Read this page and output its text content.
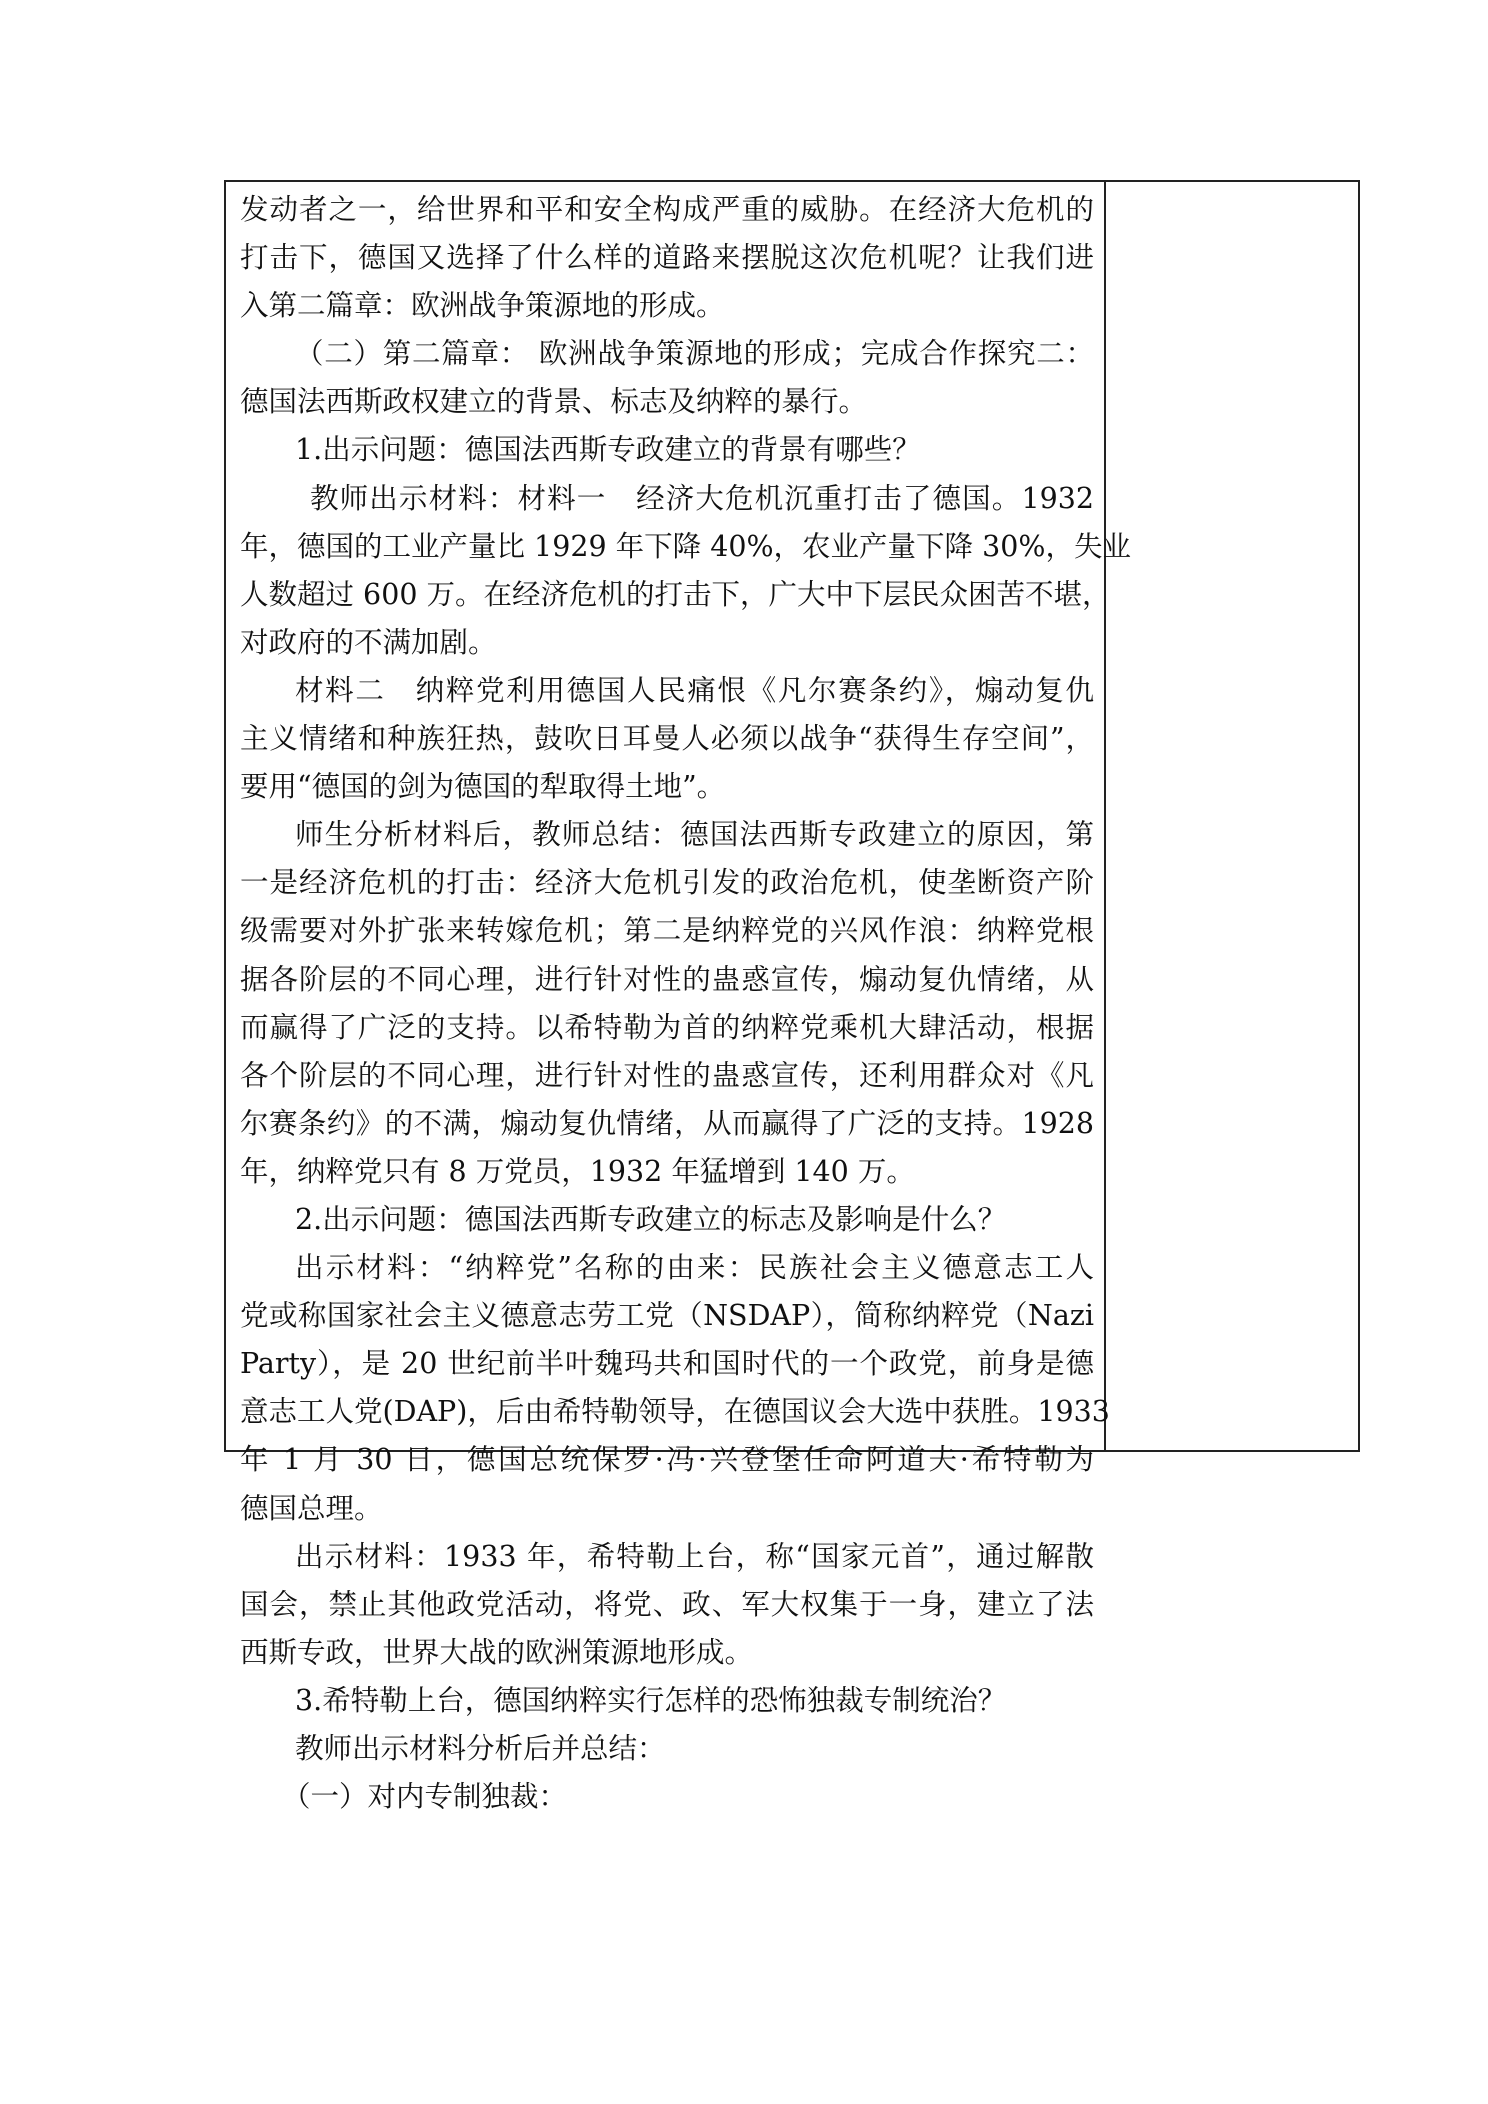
发动者之一，给世界和平和安全构成严重的威胁。在经济大危机的
打击下，德国又选择了什么样的道路来摆脱这次危机呢？让我们进
入第二篇章：欧洲战争策源地的形成。
（二）第二篇章： 欧洲战争策源地的形成；完成合作探究二：
德国法西斯政权建立的背景、标志及纳粹的暴行。
1.出示问题：德国法西斯专政建立的背景有哪些？
教师出示材料：材料一　经济大危机沉重打击了德国。1932
年，德国的工业产量比 1929 年下降 40%，农业产量下降 30%，失业
人数超过 600 万。在经济危机的打击下，广大中下层民众困苦不堪，
对政府的不满加剧。
材料二　纳粹党利用德国人民痛恨《凡尔赛条约》，煽动复仇
主义情绪和种族狂热，鼓吹日耳曼人必须以战争“获得生存空间”，
要用“德国的剑为德国的犁取得土地”。
师生分析材料后，教师总结：德国法西斯专政建立的原因，第
一是经济危机的打击：经济大危机引发的政治危机，使垄断资产阶
级需要对外扩张来转嫁危机；第二是纳粹党的兴风作浪：纳粹党根
据各阶层的不同心理，进行针对性的蛊惑宣传，煽动复仇情绪，从
而赢得了广泛的支持。以希特勒为首的纳粹党乘机大肆活动，根据
各个阶层的不同心理，进行针对性的蛊惑宣传，还利用群众对《凡
尔赛条约》的不满，煽动复仇情绪，从而赢得了广泛的支持。1928
年，纳粹党只有 8 万党员，1932 年猛增到 140 万。
2.出示问题：德国法西斯专政建立的标志及影响是什么？
出示材料：“纳粹党”名称的由来：民族社会主义德意志工人
党或称国家社会主义德意志劳工党（NSDAP），简称纳粹党（Nazi
Party），是 20 世纪前半叶魏玛共和国时代的一个政党，前身是德
意志工人党(DAP)，后由希特勒领导，在德国议会大选中获胜。1933
年 1 月 30 日，德国总统保罗·冯·兴登堡任命阿道夫·希特勒为
德国总理。
出示材料：1933 年，希特勒上台，称“国家元首”，通过解散
国会，禁止其他政党活动，将党、政、军大权集于一身，建立了法
西斯专政，世界大战的欧洲策源地形成。
3.希特勒上台，德国纳粹实行怎样的恐怖独裁专制统治？
教师出示材料分析后并总结：
（一）对内专制独裁：
